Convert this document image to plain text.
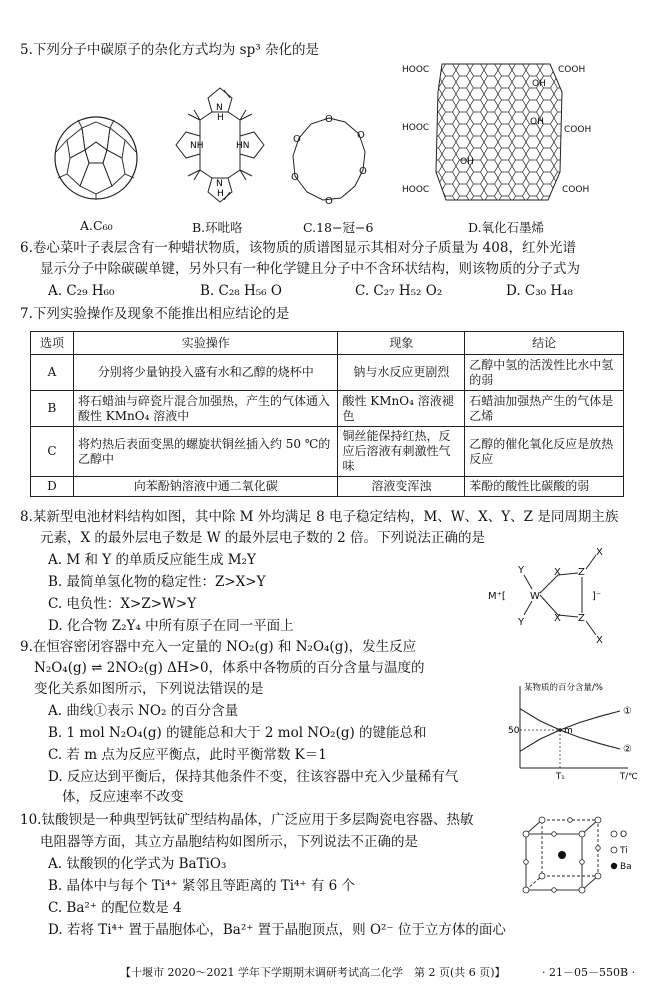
5.下列分子中碳原子的杂化方式均为 sp³ 杂化的是
A.C₆₀
N
NH	HN
N
H
H
B.环吡咯
O
O
O
O
O
O
C.18−冠−6
HOOC
HOOC
HOOC
COOH
COOH
COOH
OH
OH
OH
D.氧化石墨烯
6.卷心菜叶子表层含有一种蜡状物质，该物质的质谱图显示其相对分子质量为 408，红外光谱
显示分子中除碳碳单键，另外只有一种化学键且分子中不含环状结构，则该物质的分子式为
A. C₂₉ H₆₀	B. C₂₈ H₅₆ O	C. C₂₇ H₅₂ O₂	D. C₃₀ H₄₈
7.下列实验操作及现象不能推出相应结论的是
选项	实验操作	现象	结论
A	分别将少量钠投入盛有水和乙醇的烧杯中	钠与水反应更剧烈	乙醇中氢的活泼性比水中氢的弱
B	将石蜡油与碎瓷片混合加强热，产生的气体通入酸性 KMnO₄ 溶液中	酸性 KMnO₄ 溶液褪色	石蜡油加强热产生的气体是乙烯
C	将灼热后表面变黑的螺旋状铜丝插入约 50 ℃的乙醇中	铜丝能保持红热，反应后溶液有刺激性气味	乙醇的催化氧化反应是放热反应
D	向苯酚钠溶液中通二氧化碳	溶液变浑浊	苯酚的酸性比碳酸的弱
8.某新型电池材料结构如图，其中除 M 外均满足 8 电子稳定结构，M、W、X、Y、Z 是同周期主族
元素，X 的最外层电子数是 W 的最外层电子数的 2 倍。下列说法正确的是
A. M 和 Y 的单质反应能生成 M₂Y
B. 最简单氢化物的稳定性：Z>X>Y
C. 电负性：X>Z>W>Y
D. 化合物 Z₂Y₄ 中所有原子在同一平面上
M⁺[	]⁻
W
Y
Y
X
X
X
X
Z
Z
9.在恒容密闭容器中充入一定量的 NO₂(g) 和 N₂O₄(g)，发生反应
N₂O₄(g) ⇌ 2NO₂(g) ΔH>0，体系中各物质的百分含量与温度的
变化关系如图所示，下列说法错误的是
A. 曲线①表示 NO₂ 的百分含量
B. 1 mol N₂O₄(g) 的键能总和大于 2 mol NO₂(g) 的键能总和
C. 若 m 点为反应平衡点，此时平衡常数 K＝1
D. 反应达到平衡后，保持其他条件不变，往该容器中充入少量稀有气
体，反应速率不改变
某物质的百分含量/%
T/℃
50
T₁
①
②
m
10.钛酸钡是一种典型钙钛矿型结构晶体，广泛应用于多层陶瓷电容器、热敏
电阻器等方面，其立方晶胞结构如图所示，下列说法不正确的是
A. 钛酸钡的化学式为 BaTiO₃
B. 晶体中与每个 Ti⁴⁺ 紧邻且等距离的 Ti⁴⁺ 有 6 个
C. Ba²⁺ 的配位数是 4
D. 若将 Ti⁴⁺ 置于晶胞体心，Ba²⁺ 置于晶胞顶点，则 O²⁻ 位于立方体的面心
O
Ti
Ba
【十堰市 2020～2021 学年下学期期末调研考试高二化学　第 2 页(共 6 页)】	· 21－05－550B ·
